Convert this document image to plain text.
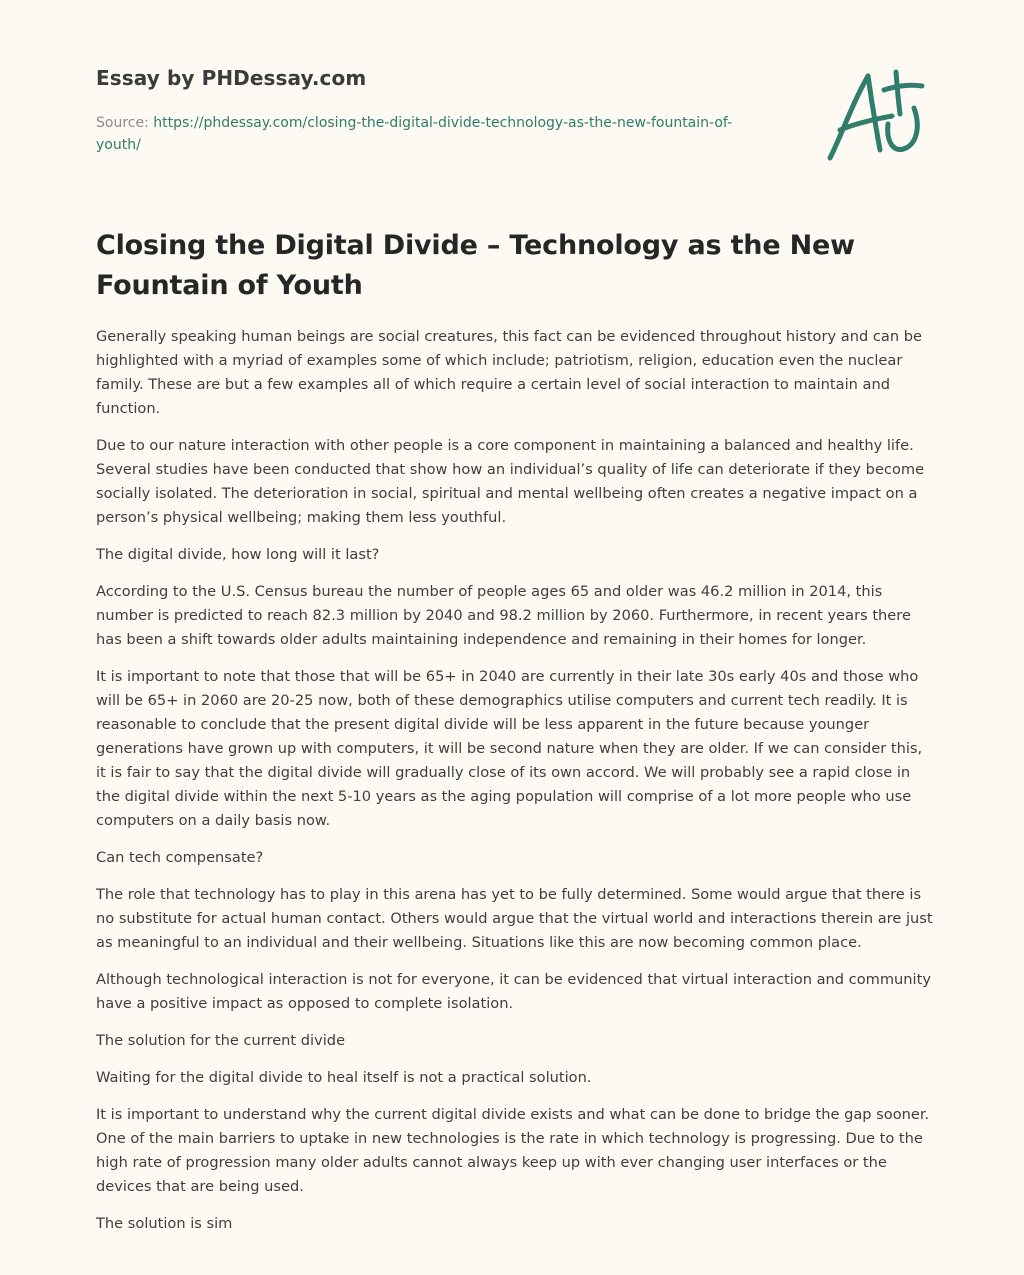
Essay by PHDessay.com
Source: https://phdessay.com/closing-the-digital-divide-technology-as-the-new-fountain-of-youth/
Closing the Digital Divide – Technology as the New Fountain of Youth

Generally speaking human beings are social creatures, this fact can be evidenced throughout history and can be highlighted with a myriad of examples some of which include; patriotism, religion, education even the nuclear family. These are but a few examples all of which require a certain level of social interaction to maintain and function.

Due to our nature interaction with other people is a core component in maintaining a balanced and healthy life. Several studies have been conducted that show how an individual’s quality of life can deteriorate if they become socially isolated. The deterioration in social, spiritual and mental wellbeing often creates a negative impact on a person’s physical wellbeing; making them less youthful.

The digital divide, how long will it last?

According to the U.S. Census bureau the number of people ages 65 and older was 46.2 million in 2014, this number is predicted to reach 82.3 million by 2040 and 98.2 million by 2060. Furthermore, in recent years there has been a shift towards older adults maintaining independence and remaining in their homes for longer.

It is important to note that those that will be 65+ in 2040 are currently in their late 30s early 40s and those who will be 65+ in 2060 are 20-25 now, both of these demographics utilise computers and current tech readily. It is reasonable to conclude that the present digital divide will be less apparent in the future because younger generations have grown up with computers, it will be second nature when they are older. If we can consider this, it is fair to say that the digital divide will gradually close of its own accord. We will probably see a rapid close in the digital divide within the next 5-10 years as the aging population will comprise of a lot more people who use computers on a daily basis now.

Can tech compensate?

The role that technology has to play in this arena has yet to be fully determined. Some would argue that there is no substitute for actual human contact. Others would argue that the virtual world and interactions therein are just as meaningful to an individual and their wellbeing. Situations like this are now becoming common place.

Although technological interaction is not for everyone, it can be evidenced that virtual interaction and community have a positive impact as opposed to complete isolation.

The solution for the current divide

Waiting for the digital divide to heal itself is not a practical solution.

It is important to understand why the current digital divide exists and what can be done to bridge the gap sooner. One of the main barriers to uptake in new technologies is the rate in which technology is progressing. Due to the high rate of progression many older adults cannot always keep up with ever changing user interfaces or the devices that are being used.

The solution is sim
